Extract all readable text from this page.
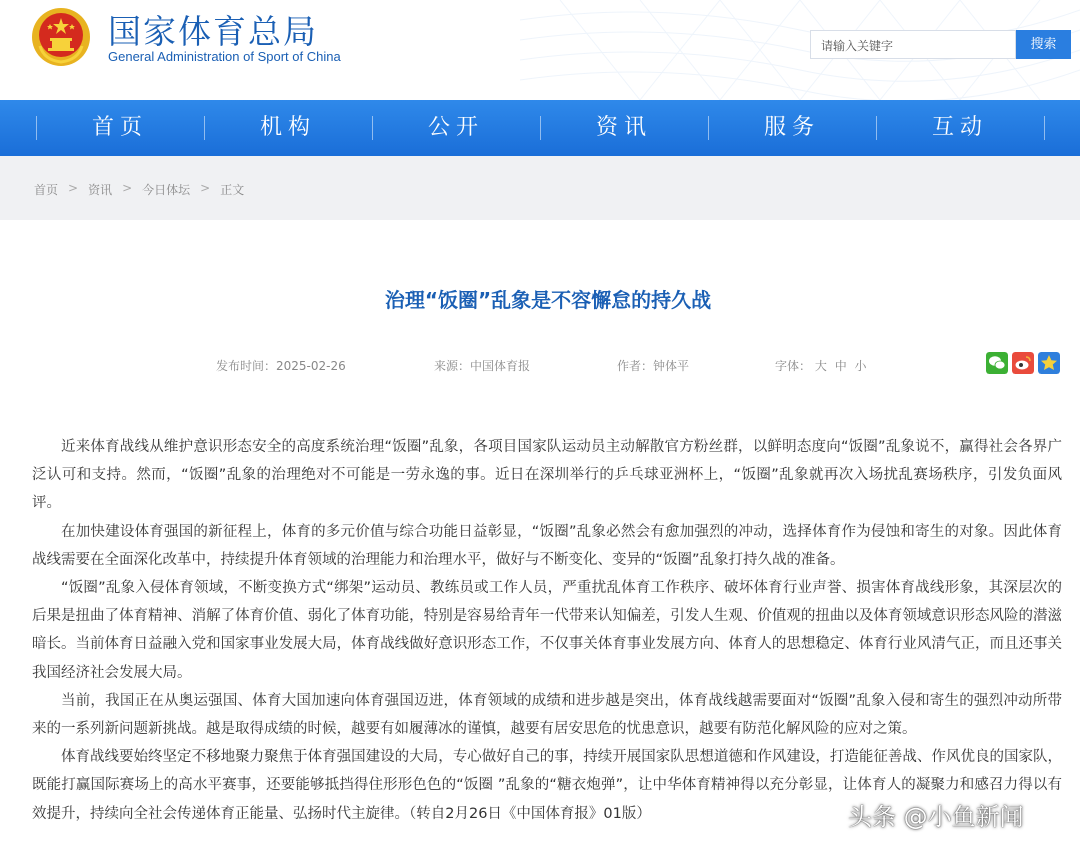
国家体育总局
General Administration of Sport of China
请输入关键字	搜索
首页	机构	公开	资讯	服务	互动
首页 > 资讯 > 今日体坛 > 正文
治理“饭圈”乱象是不容懈怠的持久战
发布时间：2025-02-26	来源：中国体育报	作者：钟体平	字体： 大 中 小

近来体育战线从维护意识形态安全的高度系统治理“饭圈”乱象，各项目国家队运动员主动解散官方粉丝群，以鲜明态度向“饭圈”乱象说不，赢得社会各界广泛认可和支持。然而，“饭圈”乱象的治理绝对不可能是一劳永逸的事。近日在深圳举行的乒乓球亚洲杯上，“饭圈”乱象就再次入场扰乱赛场秩序，引发负面风评。

在加快建设体育强国的新征程上，体育的多元价值与综合功能日益彰显，“饭圈”乱象必然会有愈加强烈的冲动，选择体育作为侵蚀和寄生的对象。因此体育战线需要在全面深化改革中，持续提升体育领域的治理能力和治理水平，做好与不断变化、变异的“饭圈”乱象打持久战的准备。

“饭圈”乱象入侵体育领域，不断变换方式“绑架”运动员、教练员或工作人员，严重扰乱体育工作秩序、破坏体育行业声誉、损害体育战线形象，其深层次的后果是扭曲了体育精神、消解了体育价值、弱化了体育功能，特别是容易给青年一代带来认知偏差，引发人生观、价值观的扭曲以及体育领域意识形态风险的潜滋暗长。当前体育日益融入党和国家事业发展大局，体育战线做好意识形态工作，不仅事关体育事业发展方向、体育人的思想稳定、体育行业风清气正，而且还事关我国经济社会发展大局。

当前，我国正在从奥运强国、体育大国加速向体育强国迈进，体育领域的成绩和进步越是突出，体育战线越需要面对“饭圈”乱象入侵和寄生的强烈冲动所带来的一系列新问题新挑战。越是取得成绩的时候，越要有如履薄冰的谨慎，越要有居安思危的忧患意识，越要有防范化解风险的应对之策。

体育战线要始终坚定不移地聚力聚焦于体育强国建设的大局，专心做好自己的事，持续开展国家队思想道德和作风建设，打造能征善战、作风优良的国家队，既能打赢国际赛场上的高水平赛事，还要能够抵挡得住形形色色的“饭圈 ”乱象的“糖衣炮弹”，让中华体育精神得以充分彰显，让体育人的凝聚力和感召力得以有效提升，持续向全社会传递体育正能量、弘扬时代主旋律。（转自2月26日《中国体育报》01版）	头条 @小鱼新闻
